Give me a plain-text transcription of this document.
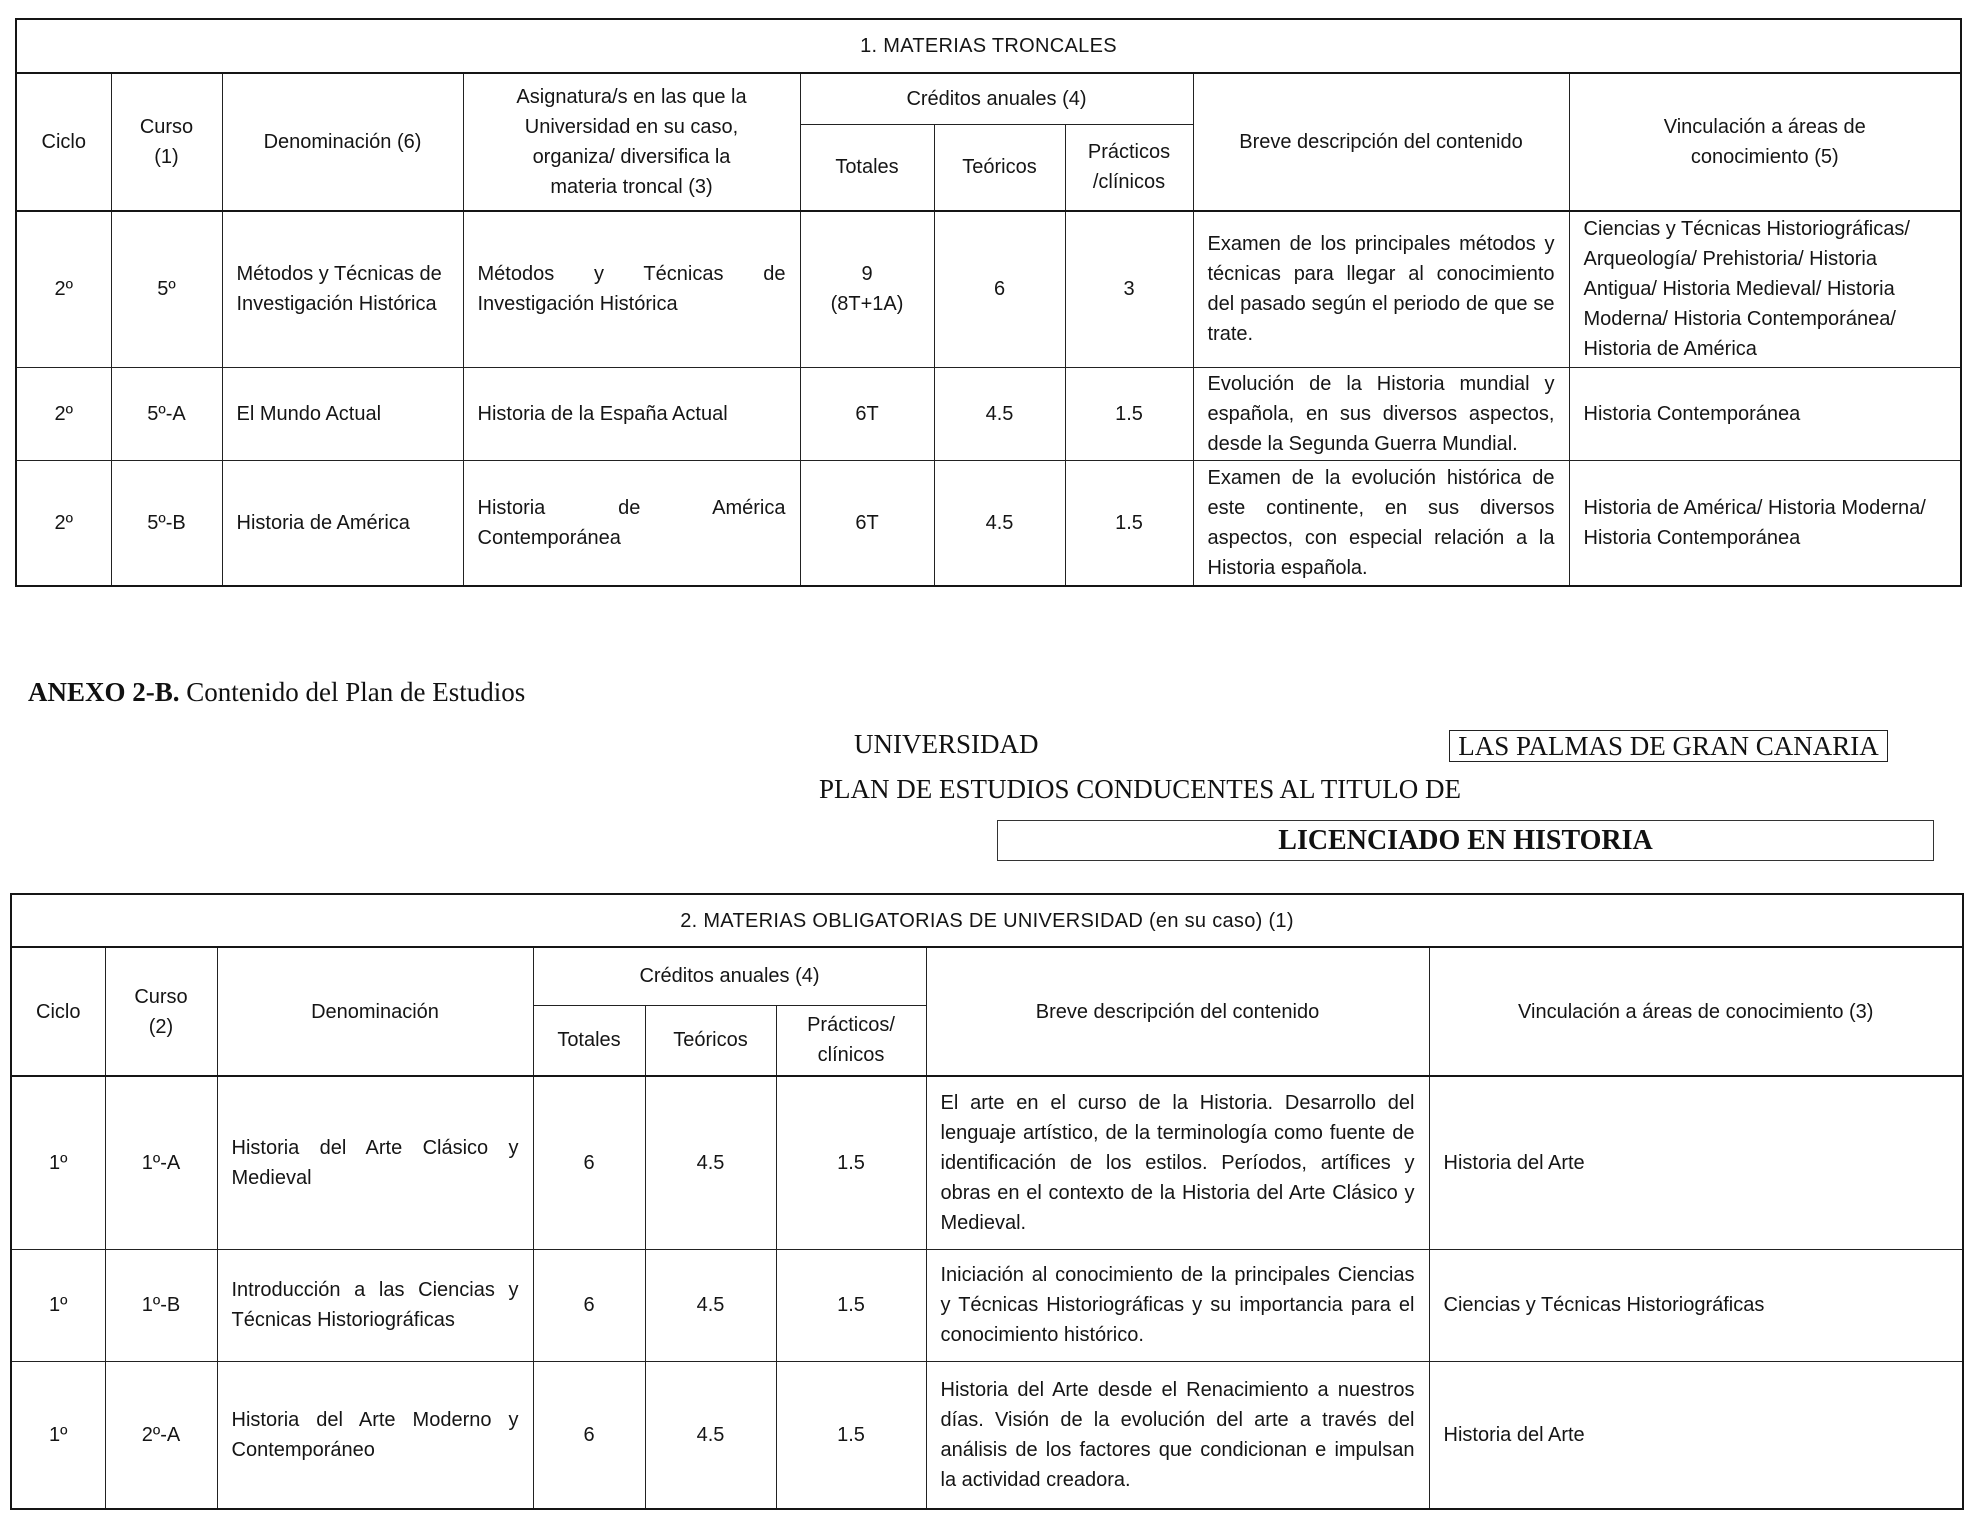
1. MATERIAS TRONCALES								
Ciclo	Curso (1)	Denominación (6)	Asignatura/s en las que la Universidad en su caso, organiza/ diversifica la materia troncal (3)	Créditos anuales (4)			Breve descripción del contenido	Vinculación a áreas de conocimiento (5)
				Totales	Teóricos	Prácticos /clínicos		
2º	5º	Métodos y Técnicas de Investigación Histórica	Métodos y Técnicas de Investigación Histórica	9 (8T+1A)	6	3	Examen de los principales métodos y técnicas para llegar al conocimiento del pasado según el periodo de que se trate.	Ciencias y Técnicas Historiográficas/ Arqueología/ Prehistoria/ Historia Antigua/ Historia Medieval/ Historia Moderna/ Historia Contemporánea/ Historia de América
2º	5º-A	El Mundo Actual	Historia de la España Actual	6T	4.5	1.5	Evolución de la Historia mundial y española, en sus diversos aspectos, desde la Segunda Guerra Mundial.	Historia Contemporánea
2º	5º-B	Historia de América	Historia de América Contemporánea	6T	4.5	1.5	Examen de la evolución histórica de este continente, en sus diversos aspectos, con especial relación a la Historia española.	Historia de América/ Historia Moderna/ Historia Contemporánea
ANEXO 2-B. Contenido del Plan de Estudios
UNIVERSIDAD	LAS PALMAS DE GRAN CANARIA
PLAN DE ESTUDIOS CONDUCENTES AL TITULO DE
LICENCIADO EN HISTORIA
2. MATERIAS OBLIGATORIAS DE UNIVERSIDAD (en su caso) (1)							
Ciclo	Curso (2)	Denominación	Créditos anuales (4)			Breve descripción del contenido	Vinculación a áreas de conocimiento (3)
			Totales	Teóricos	Prácticos/ clínicos		
1º	1º-A	Historia del Arte Clásico y Medieval	6	4.5	1.5	El arte en el curso de la Historia. Desarrollo del lenguaje artístico, de la terminología como fuente de identificación de los estilos. Períodos, artífices y obras en el contexto de la Historia del Arte Clásico y Medieval.	Historia del Arte
1º	1º-B	Introducción a las Ciencias y Técnicas Historiográficas	6	4.5	1.5	Iniciación al conocimiento de la principales Ciencias y Técnicas Historiográficas y su importancia para el conocimiento histórico.	Ciencias y Técnicas Historiográficas
1º	2º-A	Historia del Arte Moderno y Contemporáneo	6	4.5	1.5	Historia del Arte desde el Renacimiento a nuestros días. Visión de la evolución del arte a través del análisis de los factores que condicionan e impulsan la actividad creadora.	Historia del Arte
